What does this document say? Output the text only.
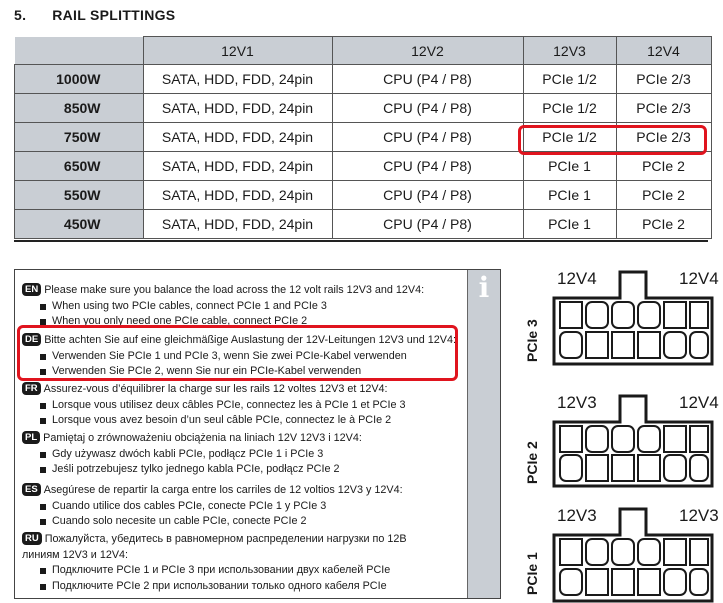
5. RAIL SPLITTINGS
	12V1	12V2	12V3	12V4
1000W	SATA, HDD, FDD, 24pin	CPU (P4 / P8)	PCIe 1/2	PCIe 2/3
850W	SATA, HDD, FDD, 24pin	CPU (P4 / P8)	PCIe 1/2	PCIe 2/3
750W	SATA, HDD, FDD, 24pin	CPU (P4 / P8)	PCIe 1/2	PCIe 2/3
650W	SATA, HDD, FDD, 24pin	CPU (P4 / P8)	PCIe 1	PCIe 2
550W	SATA, HDD, FDD, 24pin	CPU (P4 / P8)	PCIe 1	PCIe 2
450W	SATA, HDD, FDD, 24pin	CPU (P4 / P8)	PCIe 1	PCIe 2
i
EN Please make sure you balance the load across the 12 volt rails 12V3 and 12V4:
When using two PCIe cables, connect PCIe 1 and PCIe 3
When you only need one PCIe cable, connect PCIe 2
DE Bitte achten Sie auf eine gleichmäßige Auslastung der 12V-Leitungen 12V3 und 12V4:
Verwenden Sie PCIe 1 und PCIe 3, wenn Sie zwei PCIe-Kabel verwenden
Verwenden Sie PCIe 2, wenn Sie nur ein PCIe-Kabel verwenden
FR Assurez-vous d’équilibrer la charge sur les rails 12 voltes 12V3 et 12V4:
Lorsque vous utilisez deux câbles PCIe, connectez les à PCIe 1 et PCIe 3
Lorsque vous avez besoin d’un seul câble PCIe, connectez le à PCIe 2
PL Pamiętaj o zrównoważeniu obciążenia na liniach 12V 12V3 i 12V4:
Gdy używasz dwóch kabli PCIe, podłącz PCIe 1 i PCIe 3
Jeśli potrzebujesz tylko jednego kabla PCIe, podłącz PCIe 2
ES Asegúrese de repartir la carga entre los carriles de 12 voltios 12V3 y 12V4:
Cuando utilice dos cables PCIe, conecte PCIe 1 y PCIe 3
Cuando solo necesite un cable PCIe, conecte PCIe 2
RU Пожалуйста, убедитесь в равномерном распределении нагрузки по 12В линиям 12V3 и 12V4:
Подключите PCIe 1 и PCIe 3 при использовании двух кабелей PCIe
Подключите PCIe 2 при использовании только одного кабеля PCIe
12V4	12V4
PCIe 3
12V3	12V4
PCIe 2
12V3	12V3
PCIe 1
